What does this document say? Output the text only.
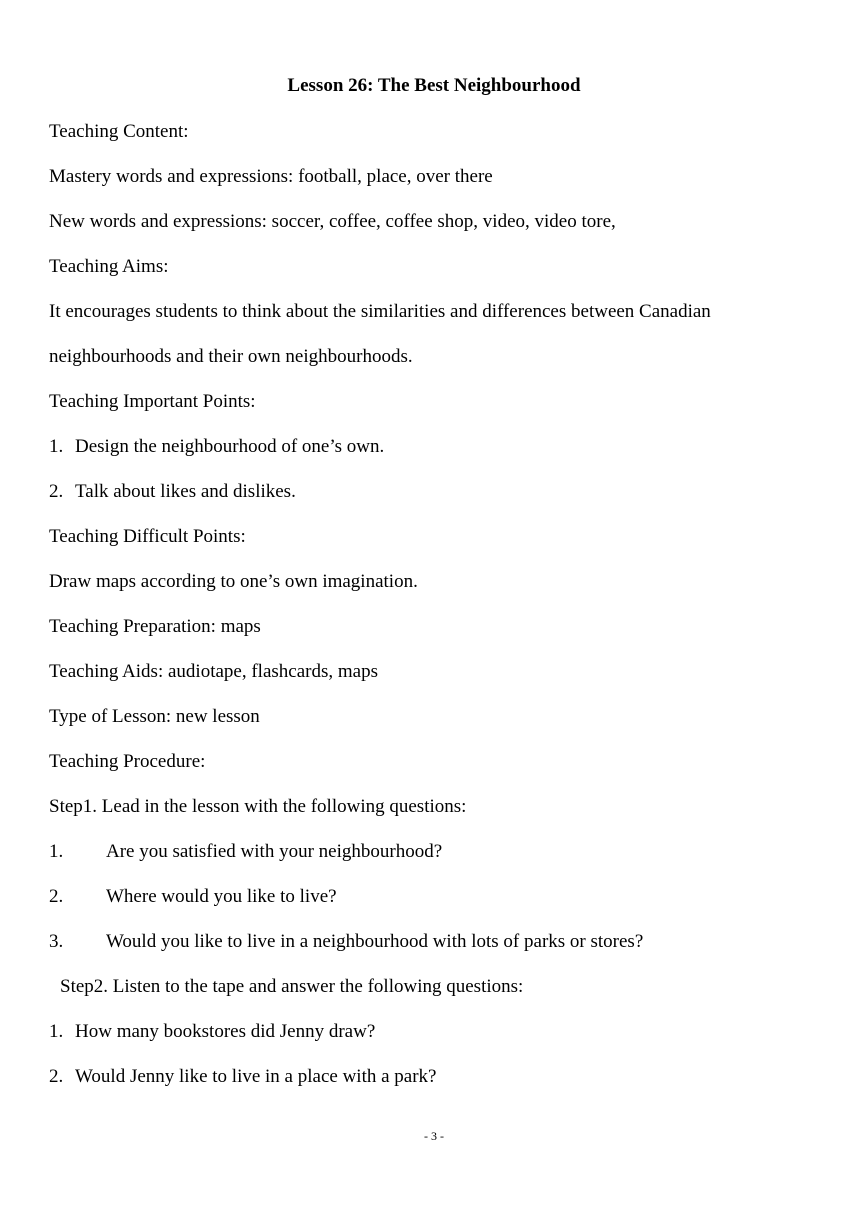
Lesson 26: The Best Neighbourhood
Teaching Content:
Mastery words and expressions: football, place, over there
New words and expressions: soccer, coffee, coffee shop, video, video tore,
Teaching Aims:
It encourages students to think about the similarities and differences between Canadian
neighbourhoods and their own neighbourhoods.
Teaching Important Points:
1. Design the neighbourhood of one’s own.
2. Talk about likes and dislikes.
Teaching Difficult Points:
Draw maps according to one’s own imagination.
Teaching Preparation: maps
Teaching Aids: audiotape, flashcards, maps
Type of Lesson: new lesson
Teaching Procedure:
Step1. Lead in the lesson with the following questions:
1. Are you satisfied with your neighbourhood?
2. Where would you like to live?
3. Would you like to live in a neighbourhood with lots of parks or stores?
Step2. Listen to the tape and answer the following questions:
1. How many bookstores did Jenny draw?
2. Would Jenny like to live in a place with a park?
- 3 -
